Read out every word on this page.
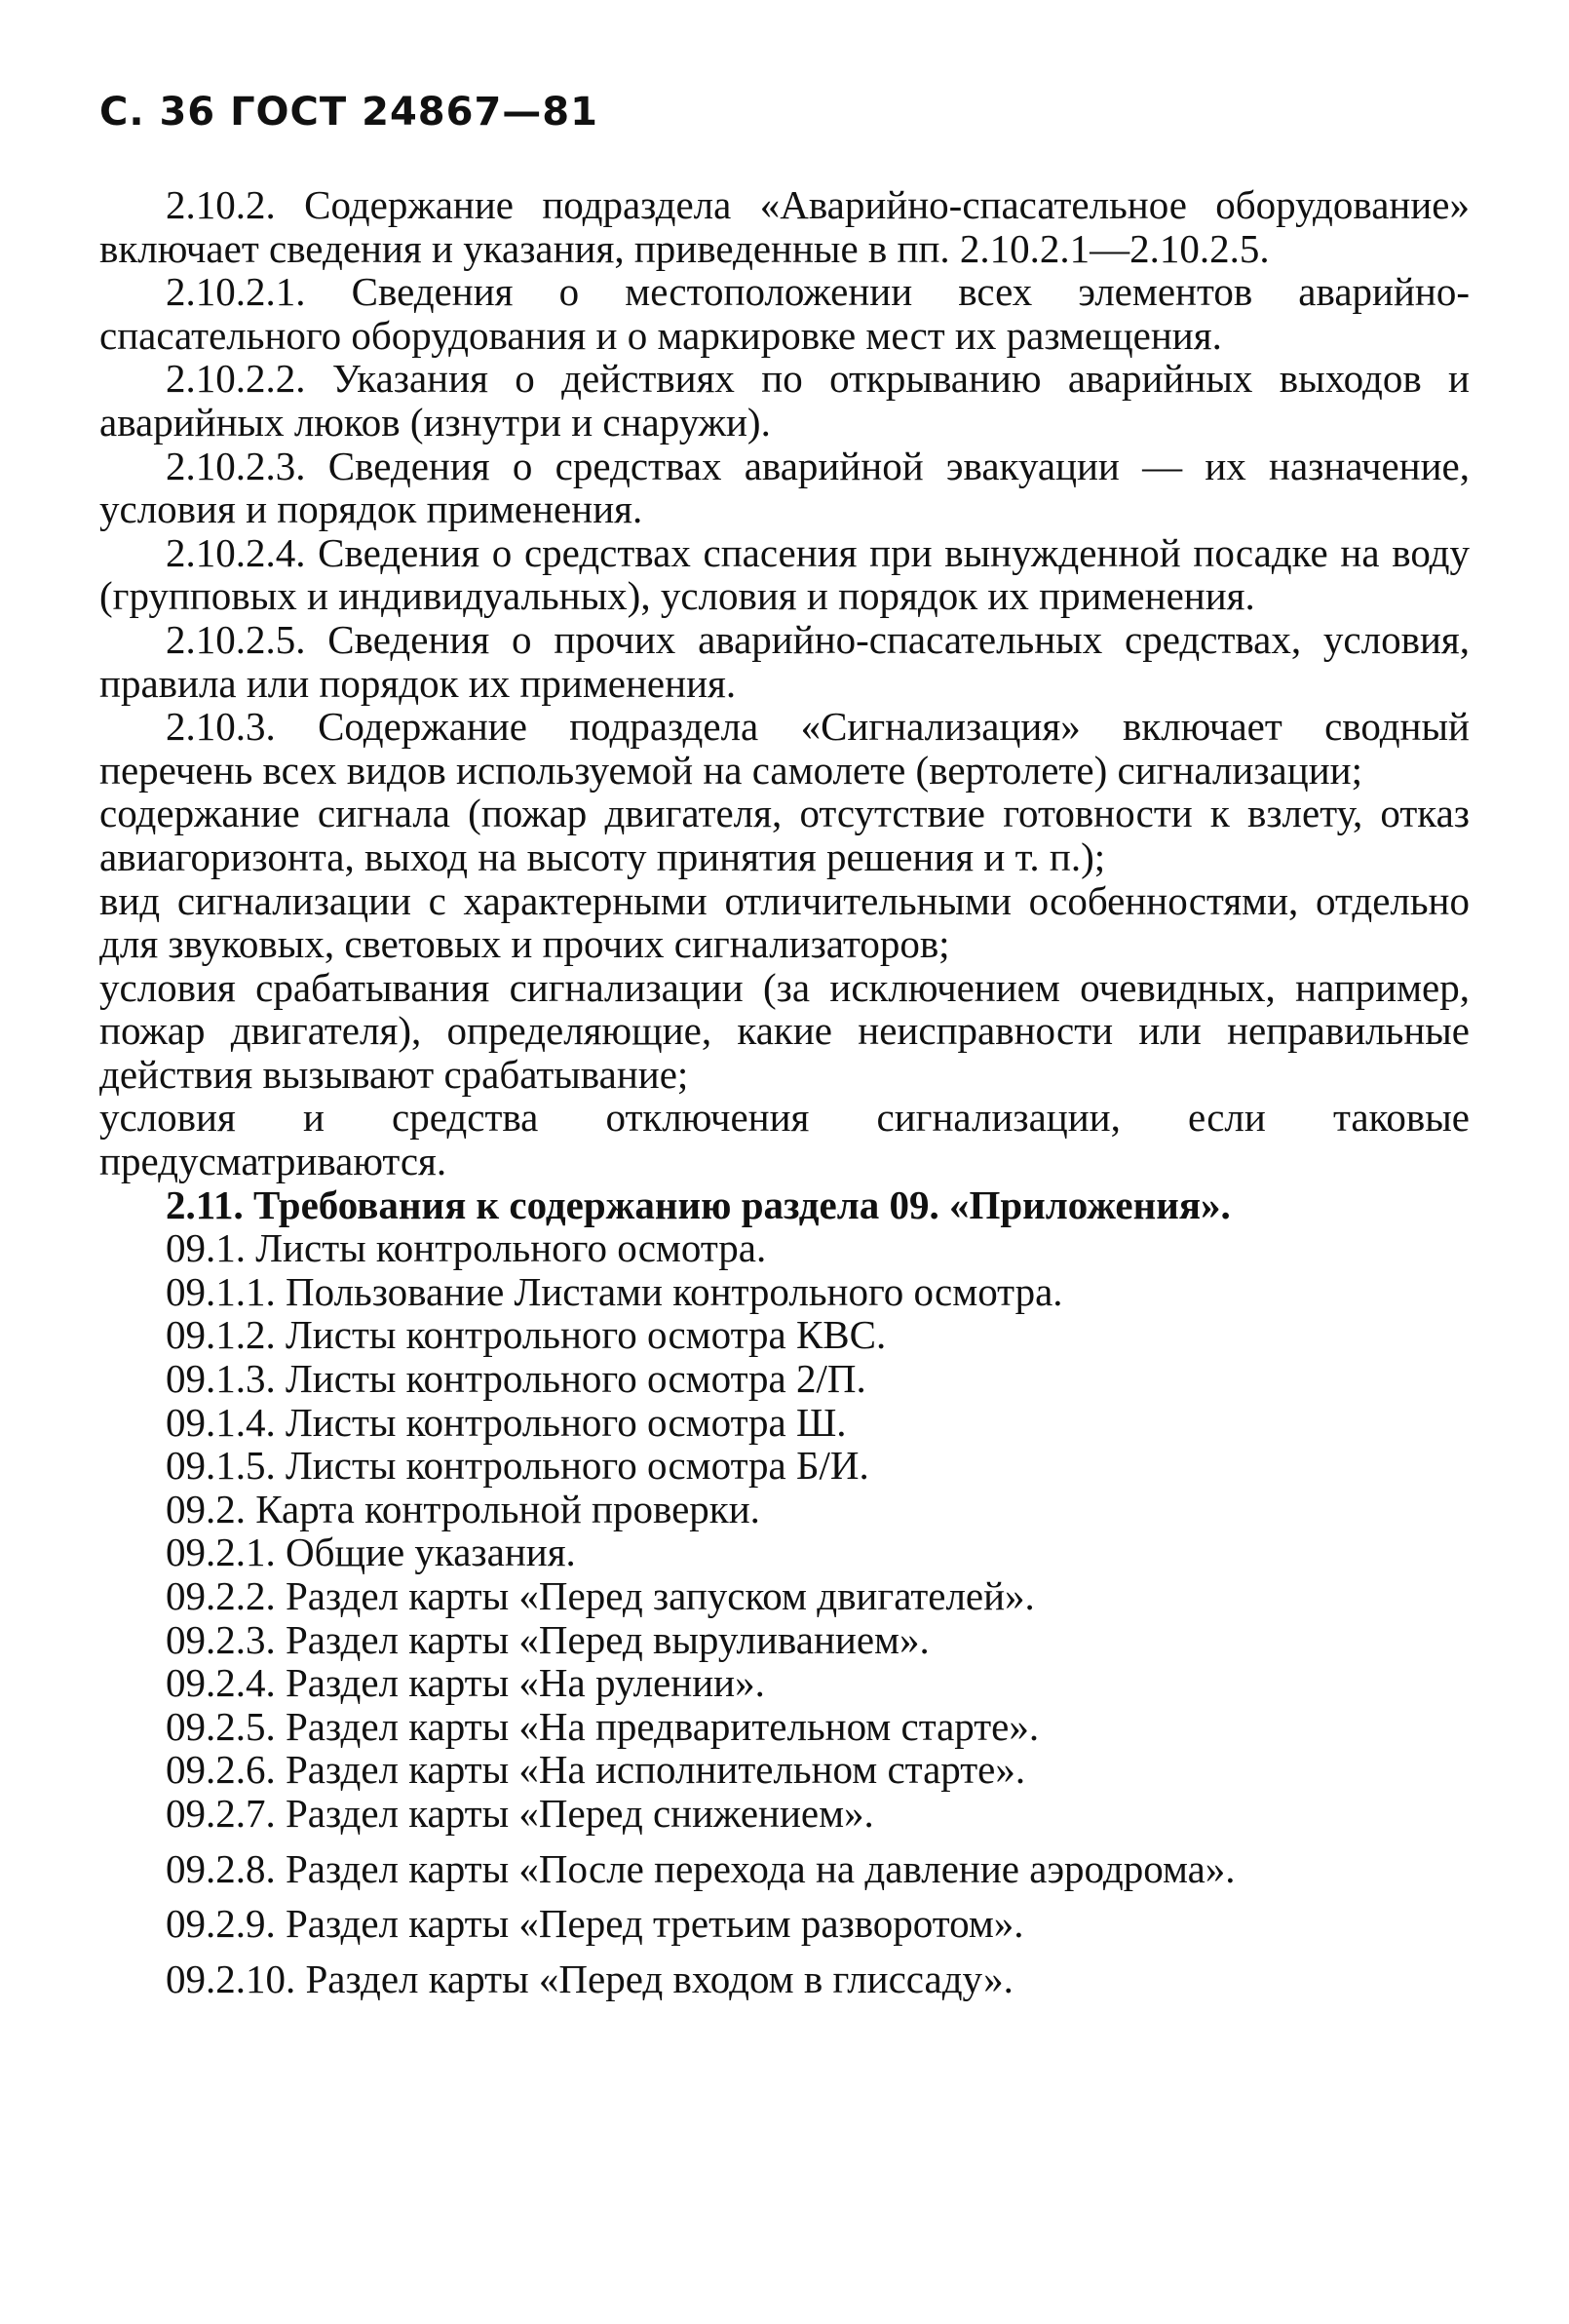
С. 36 ГОСТ 24867—81

2.10.2. Содержание подраздела «Аварийно-спасательное оборудование» включает сведения и указания, приведенные в пп. 2.10.2.1—2.10.2.5.

2.10.2.1. Сведения о местоположении всех элементов аварийно-спасательного оборудования и о маркировке мест их размещения.

2.10.2.2. Указания о действиях по открыванию аварийных выходов и аварийных люков (изнутри и снаружи).

2.10.2.3. Сведения о средствах аварийной эвакуации — их назначение, условия и порядок применения.

2.10.2.4. Сведения о средствах спасения при вынужденной посадке на воду (групповых и индивидуальных), условия и порядок их применения.

2.10.2.5. Сведения о прочих аварийно-спасательных средствах, условия, правила или порядок их применения.

2.10.3. Содержание подраздела «Сигнализация» включает сводный перечень всех видов используемой на самолете (вертолете) сигнализации;

содержание сигнала (пожар двигателя, отсутствие готовности к взлету, отказ авиагоризонта, выход на высоту принятия решения и т. п.);

вид сигнализации с характерными отличительными особенностями, отдельно для звуковых, световых и прочих сигнализаторов;

условия срабатывания сигнализации (за исключением очевидных, например, пожар двигателя), определяющие, какие неисправности или неправильные действия вызывают срабатывание;

условия и средства отключения сигнализации, если таковые предусматриваются.

2.11. Требования к содержанию раздела 09. «Приложения».

09.1. Листы контрольного осмотра.
09.1.1. Пользование Листами контрольного осмотра.
09.1.2. Листы контрольного осмотра КВС.
09.1.3. Листы контрольного осмотра 2/П.
09.1.4. Листы контрольного осмотра Ш.
09.1.5. Листы контрольного осмотра Б/И.
09.2. Карта контрольной проверки.
09.2.1. Общие указания.
09.2.2. Раздел карты «Перед запуском двигателей».
09.2.3. Раздел карты «Перед выруливанием».
09.2.4. Раздел карты «На рулении».
09.2.5. Раздел карты «На предварительном старте».
09.2.6. Раздел карты «На исполнительном старте».
09.2.7. Раздел карты «Перед снижением».
09.2.8. Раздел карты «После перехода на давление аэродрома».
09.2.9. Раздел карты «Перед третьим разворотом».
09.2.10. Раздел карты «Перед входом в глиссаду».
